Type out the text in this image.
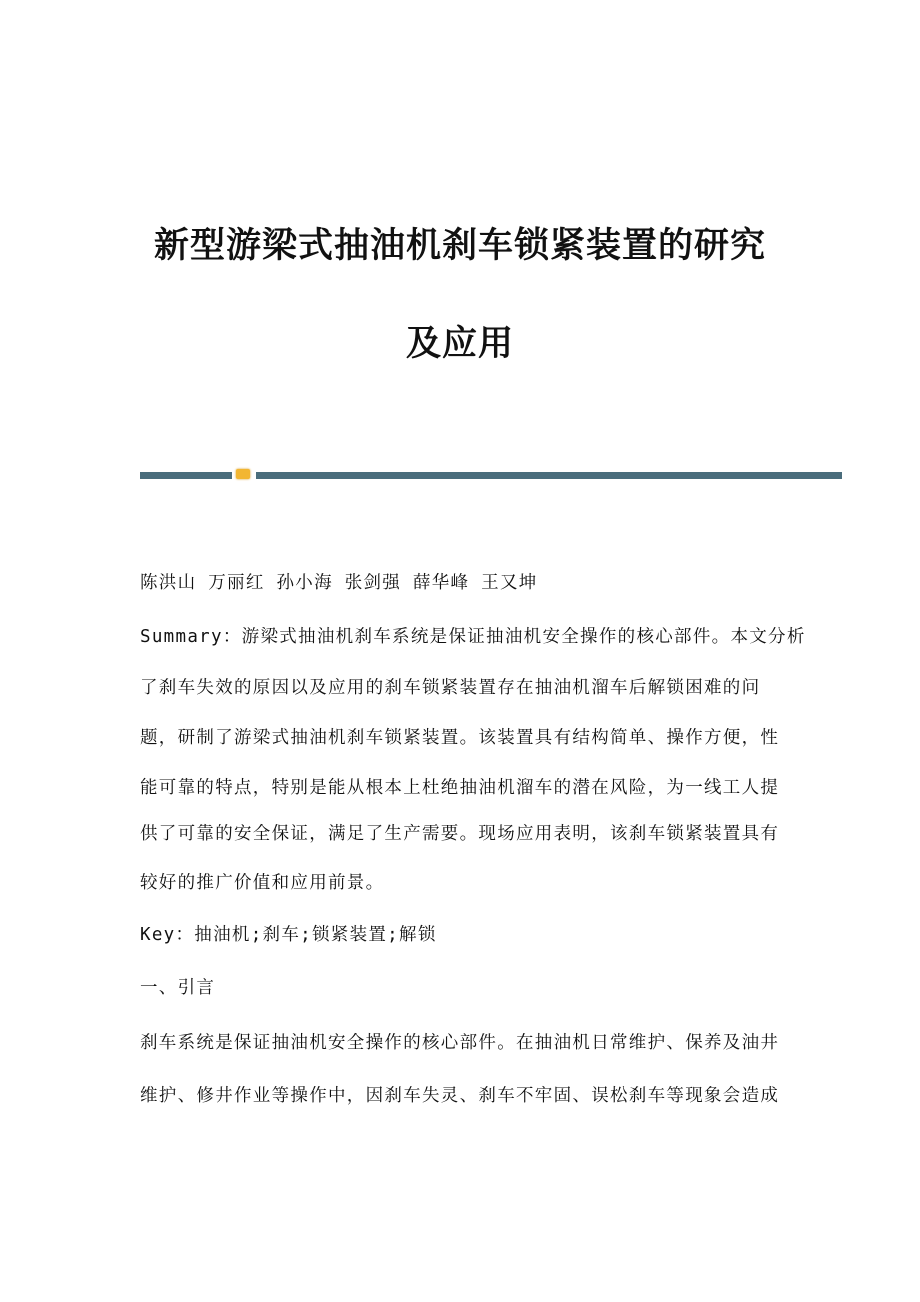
新型游梁式抽油机刹车锁紧装置的研究
及应用
陈洪山 万丽红 孙小海 张剑强 薛华峰 王又坤
Summary：游梁式抽油机刹车系统是保证抽油机安全操作的核心部件。本文分析
了刹车失效的原因以及应用的刹车锁紧装置存在抽油机溜车后解锁困难的问
题，研制了游梁式抽油机刹车锁紧装置。该装置具有结构简单、操作方便，性
能可靠的特点，特别是能从根本上杜绝抽油机溜车的潜在风险，为一线工人提
供了可靠的安全保证，满足了生产需要。现场应用表明，该刹车锁紧装置具有
较好的推广价值和应用前景。
Key：抽油机;刹车;锁紧装置;解锁
一、引言
刹车系统是保证抽油机安全操作的核心部件。在抽油机日常维护、保养及油井
维护、修井作业等操作中，因刹车失灵、刹车不牢固、误松刹车等现象会造成
